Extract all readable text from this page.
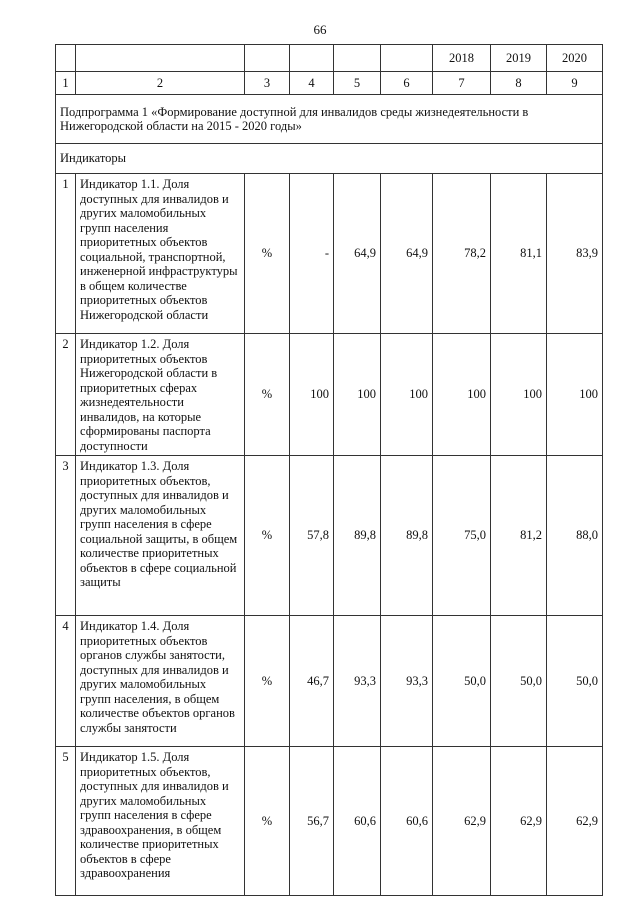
66
						2018	2019	2020
1	2	3	4	5	6	7	8	9
Подпрограмма 1 «Формирование доступной для инвалидов среды жизнедеятельности в Нижегородской области на 2015 - 2020 годы»								
Индикаторы								
1	Индикатор 1.1. Доля доступных для инвалидов и других маломобильных групп населения приоритетных объектов социальной, транспортной, инженерной инфраструктуры в общем количестве приоритетных объектов Нижегородской области	%	-	64,9	64,9	78,2	81,1	83,9
2	Индикатор 1.2. Доля приоритетных объектов Нижегородской области в приоритетных сферах жизнедеятельности инвалидов, на которые сформированы паспорта доступности	%	100	100	100	100	100	100
3	Индикатор 1.3. Доля приоритетных объектов, доступных для инвалидов и других маломобильных групп населения в сфере социальной защиты, в общем количестве приоритетных объектов в сфере социальной защиты	%	57,8	89,8	89,8	75,0	81,2	88,0
4	Индикатор 1.4. Доля приоритетных объектов органов службы занятости, доступных для инвалидов и других маломобильных групп населения, в общем количестве объектов органов службы занятости	%	46,7	93,3	93,3	50,0	50,0	50,0
5	Индикатор 1.5. Доля приоритетных объектов, доступных для инвалидов и других маломобильных групп населения в сфере здравоохранения, в общем количестве приоритетных объектов в сфере здравоохранения	%	56,7	60,6	60,6	62,9	62,9	62,9
